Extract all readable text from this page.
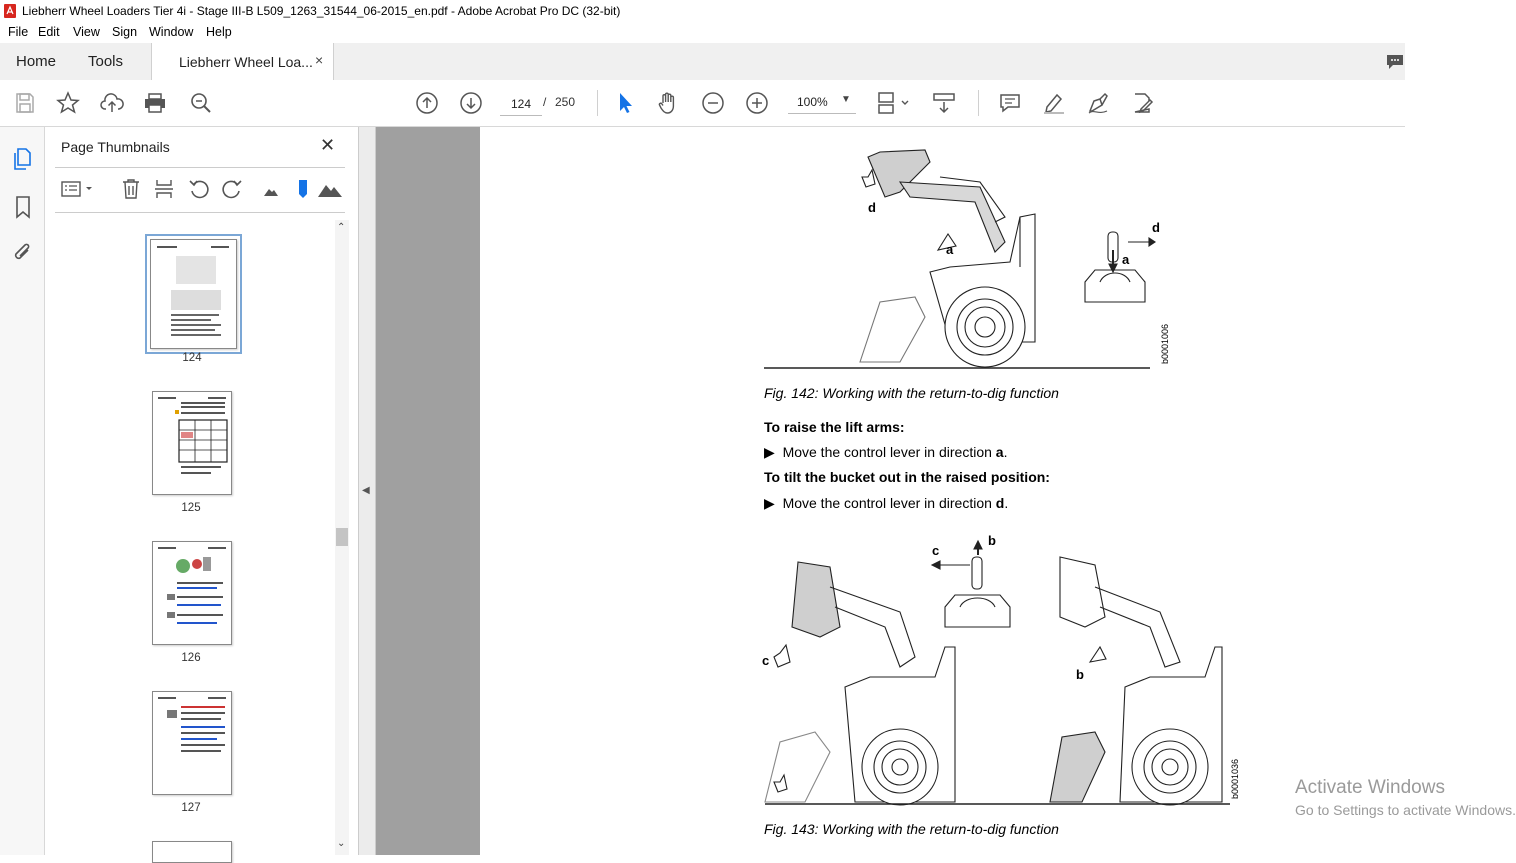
Liebherr Wheel Loaders Tier 4i - Stage III-B L509_1263_31544_06-2015_en.pdf - Adobe Acrobat Pro DC (32-bit)
File Edit View Sign Window Help
Home Tools	Liebherr Wheel Loa... ×
124
/ 250	100% ▼
Page Thumbnails	✕
124
125
126
127
⌃
⌄
◀
d
a
d
a
b0001006
Fig. 142: Working with the return-to-dig function
To raise the lift arms:
▶ Move the control lever in direction a.
To tilt the bucket out in the raised position:
▶ Move the control lever in direction d.
c
b
c
b
b0001036
Fig. 143: Working with the return-to-dig function
Activate Windows
Go to Settings to activate Windows.
